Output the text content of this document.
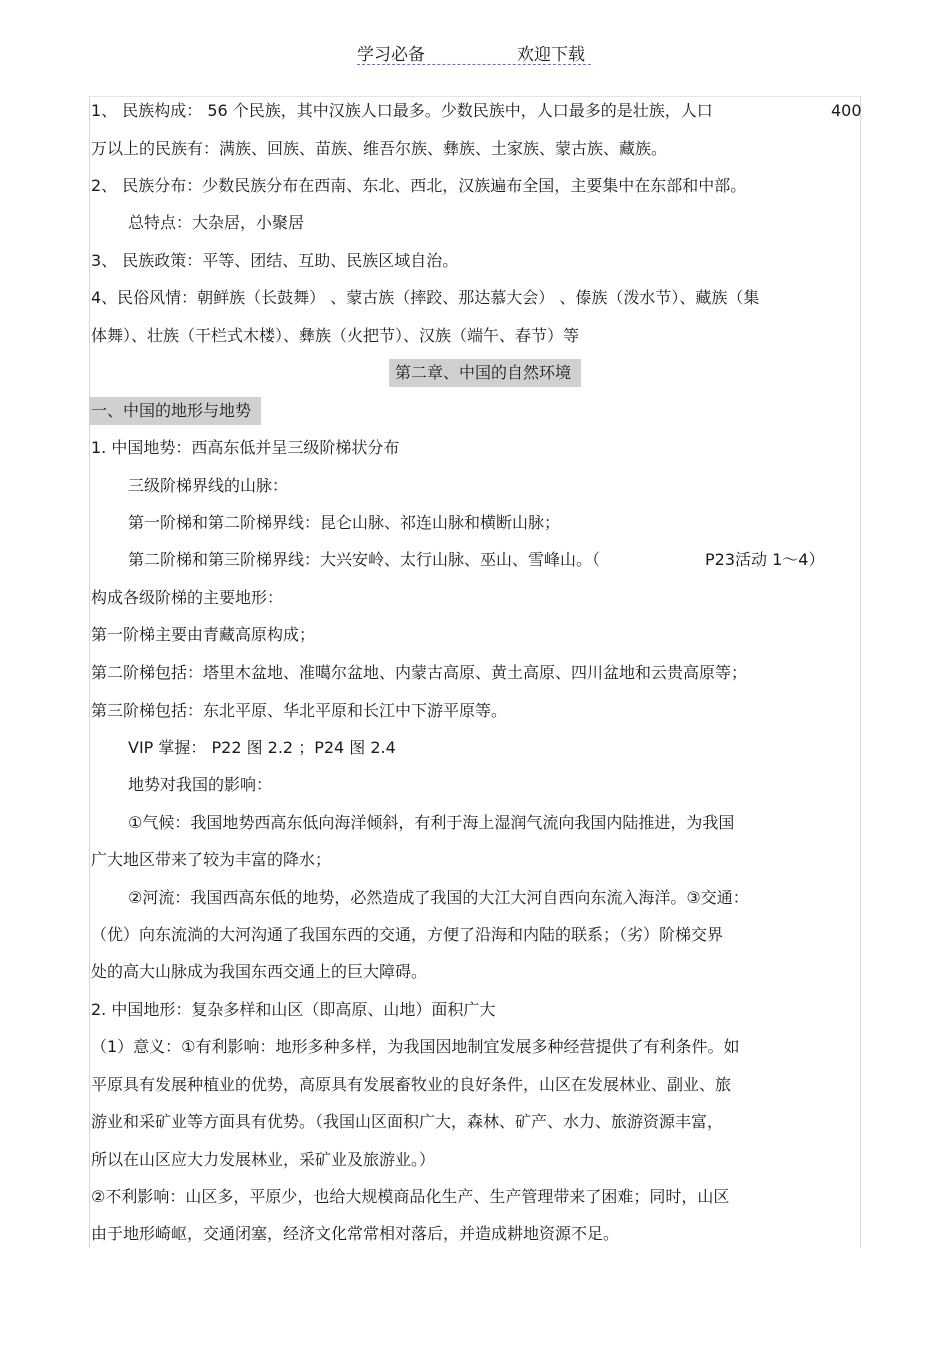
学习必备	欢迎下载
1、 民族构成： 56 个民族，其中汉族人口最多。少数民族中，人口最多的是壮族，人口	400
万以上的民族有：满族、回族、苗族、维吾尔族、彝族、土家族、蒙古族、藏族。
2、 民族分布：少数民族分布在西南、东北、西北，汉族遍布全国，主要集中在东部和中部。
总特点：大杂居，小聚居
3、 民族政策：平等、团结、互助、民族区域自治。
4、民俗风情：朝鲜族（长鼓舞） 、蒙古族（摔跤、那达慕大会） 、傣族（泼水节）、藏族（集
体舞）、壮族（干栏式木楼）、彝族（火把节）、汉族（端午、春节）等
第二章、中国的自然环境
一、中国的地形与地势
1. 中国地势：西高东低并呈三级阶梯状分布
三级阶梯界线的山脉：
第一阶梯和第二阶梯界线：昆仑山脉、祁连山脉和横断山脉；
第二阶梯和第三阶梯界线：大兴安岭、太行山脉、巫山、雪峰山。（	P23活动 1～4）
构成各级阶梯的主要地形：
第一阶梯主要由青藏高原构成；
第二阶梯包括：塔里木盆地、准噶尔盆地、内蒙古高原、黄土高原、四川盆地和云贵高原等；
第三阶梯包括：东北平原、华北平原和长江中下游平原等。
VIP 掌握： P22 图 2.2 ；P24 图 2.4
地势对我国的影响：
①气候：我国地势西高东低向海洋倾斜，有利于海上湿润气流向我国内陆推进，为我国
广大地区带来了较为丰富的降水；
②河流：我国西高东低的地势，必然造成了我国的大江大河自西向东流入海洋。③交通：
（优）向东流淌的大河沟通了我国东西的交通，方便了沿海和内陆的联系；（劣）阶梯交界
处的高大山脉成为我国东西交通上的巨大障碍。
2. 中国地形：复杂多样和山区（即高原、山地）面积广大
（1）意义：①有利影响：地形多种多样，为我国因地制宜发展多种经营提供了有利条件。如
平原具有发展种植业的优势，高原具有发展畜牧业的良好条件，山区在发展林业、副业、旅
游业和采矿业等方面具有优势。（我国山区面积广大，森林、矿产、水力、旅游资源丰富，
所以在山区应大力发展林业，采矿业及旅游业。）
②不利影响：山区多，平原少，也给大规模商品化生产、生产管理带来了困难；同时，山区
由于地形崎岖，交通闭塞，经济文化常常相对落后，并造成耕地资源不足。
